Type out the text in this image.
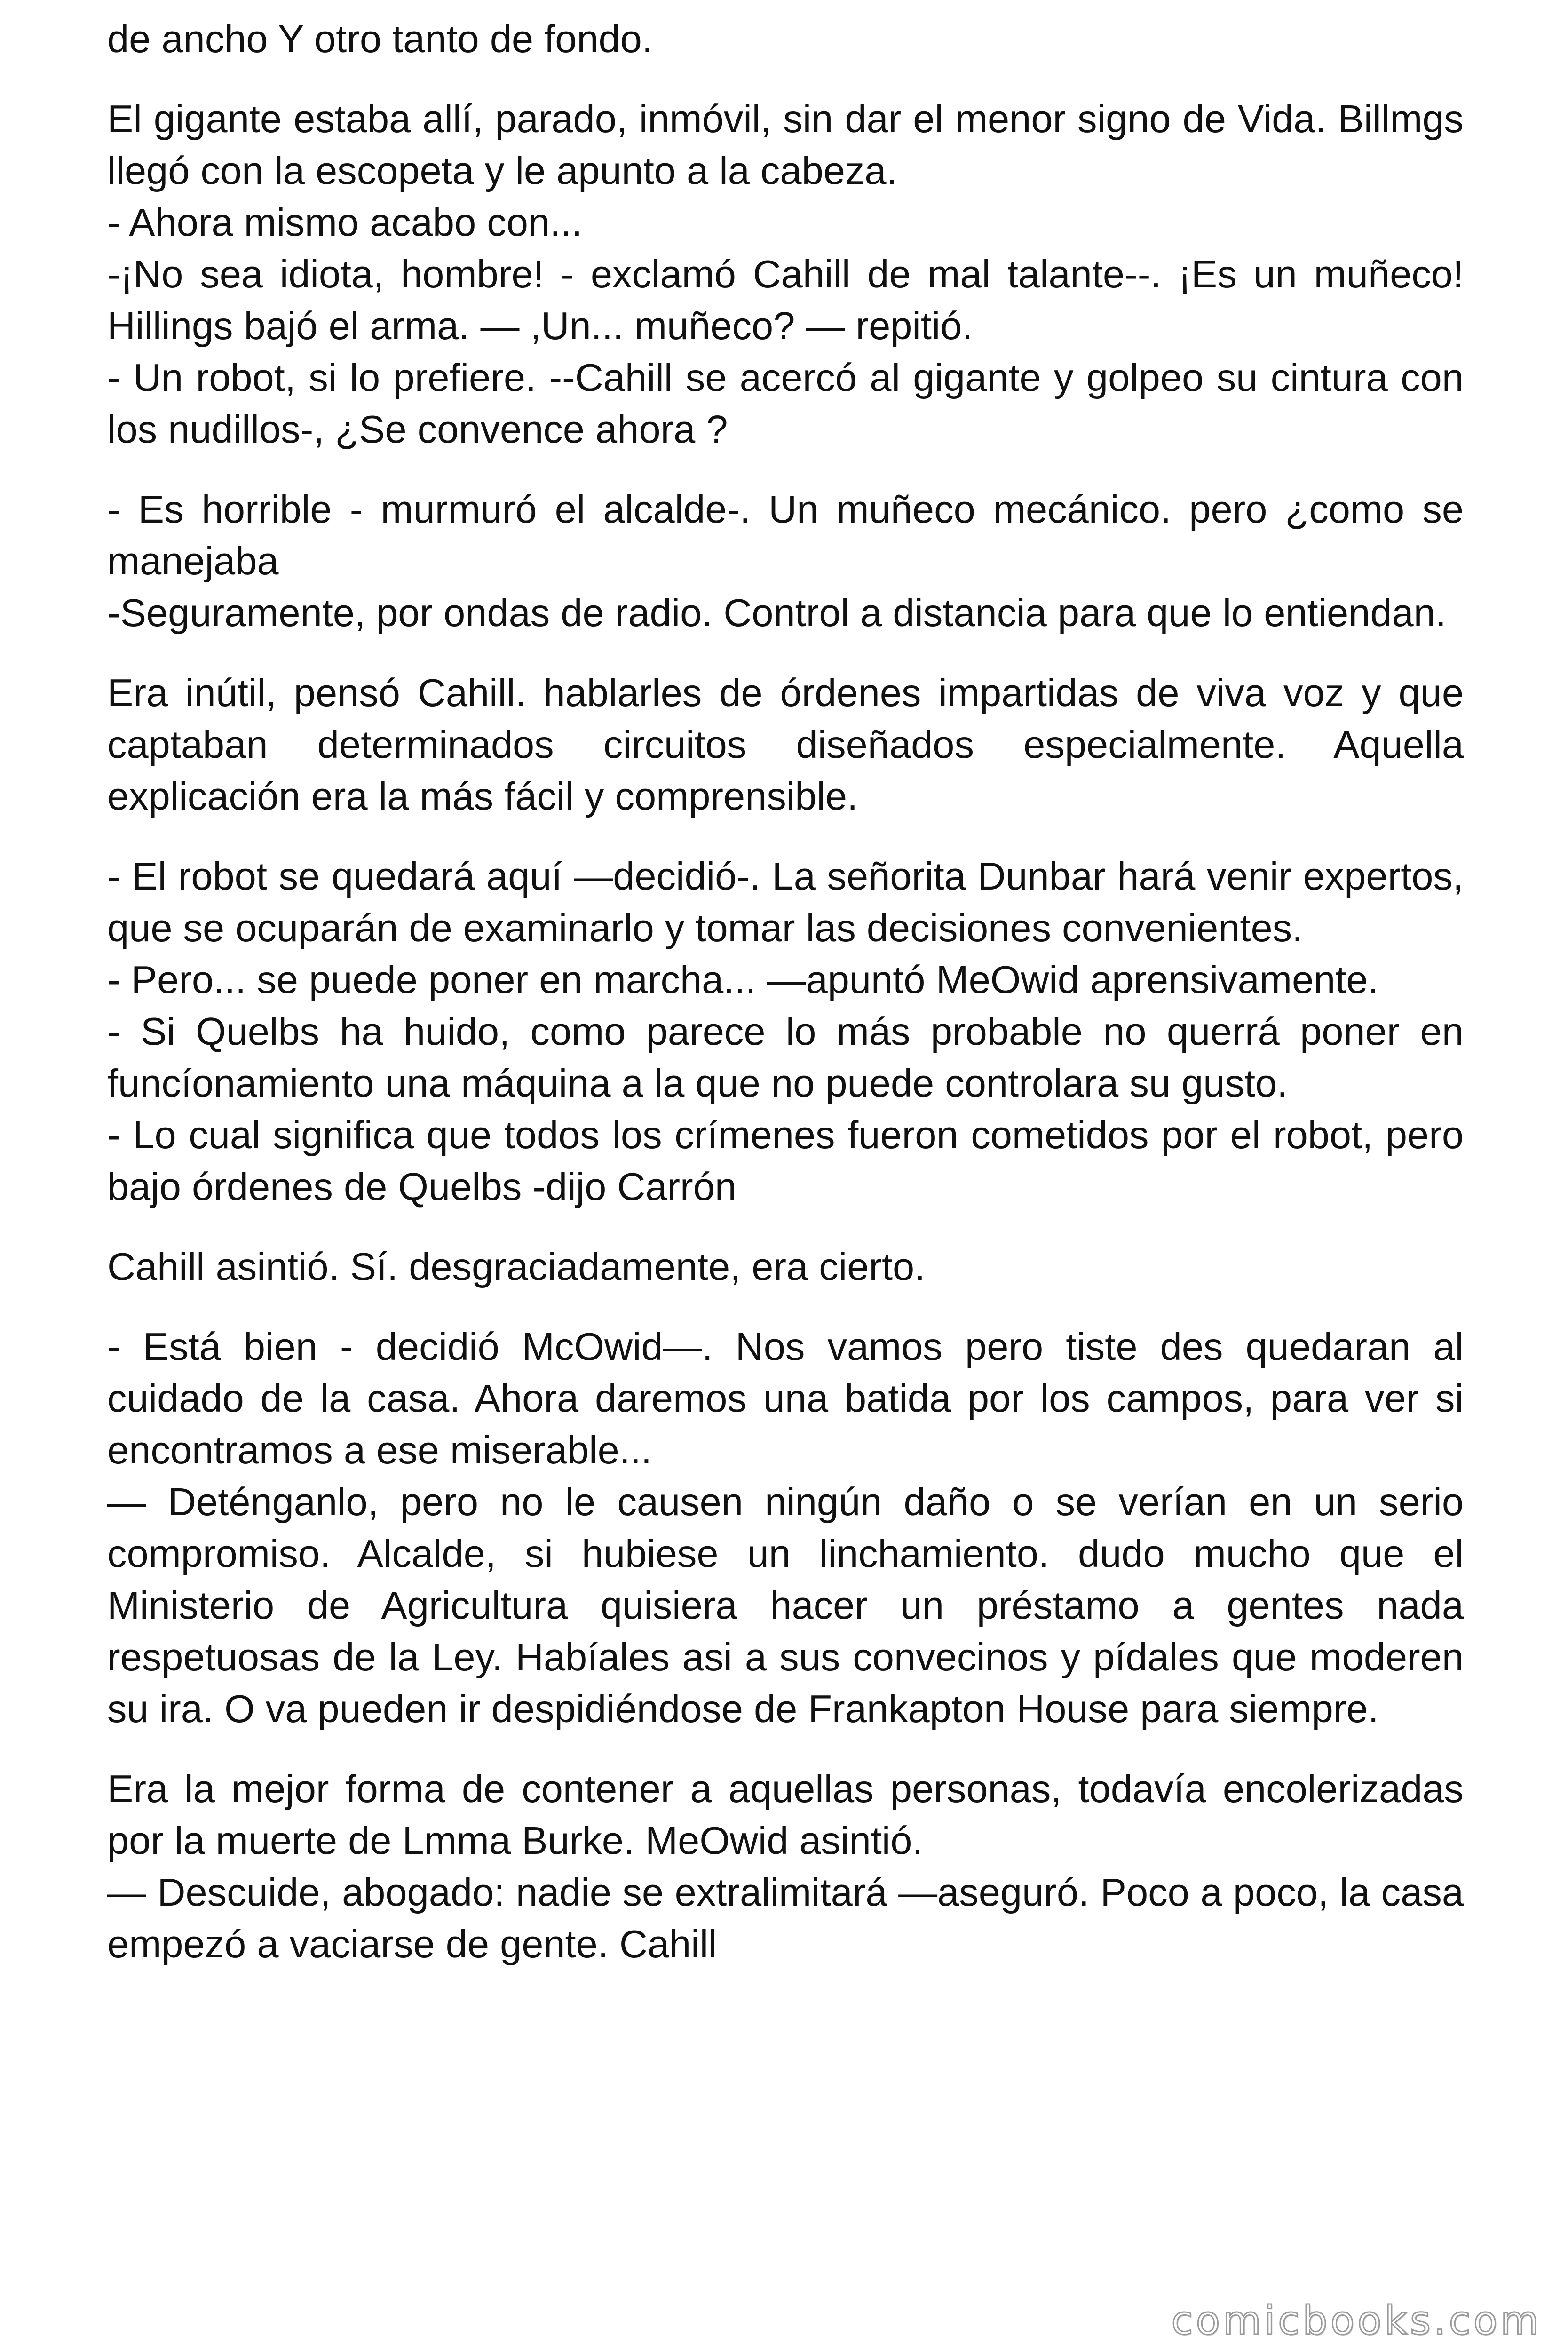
de ancho Y otro tanto de fondo.
El gigante estaba allí, parado, inmóvil, sin dar el menor signo de Vida. Billmgs llegó con la escopeta y le apunto a la cabeza.
- Ahora mismo acabo con...
-¡No sea idiota, hombre! - exclamó Cahill de mal talante--. ¡Es un muñeco! Hillings bajó el arma. — ,Un... muñeco? — repitió.
- Un robot, si lo prefiere. --Cahill se acercó al gigante y golpeo su cintura con los nudillos-, ¿Se convence ahora ?
- Es horrible - murmuró el alcalde-. Un muñeco mecánico. pero ¿como se manejaba
-Seguramente, por ondas de radio. Control a distancia para que lo entiendan.
Era inútil, pensó Cahill. hablarles de órdenes impartidas de viva voz y que captaban determinados circuitos diseñados especialmente. Aquella explicación era la más fácil y comprensible.
- El robot se quedará aquí —decidió-. La señorita Dunbar hará venir expertos, que se ocuparán de examinarlo y tomar las decisiones convenientes.
- Pero... se puede poner en marcha... —apuntó MeOwid aprensivamente.
- Si Quelbs ha huido, como parece lo más probable no querrá poner en funcíonamiento una máquina a la que no puede controlara su gusto.
- Lo cual significa que todos los crímenes fueron cometidos por el robot, pero bajo órdenes de Quelbs -dijo Carrón
Cahill asintió. Sí. desgraciadamente, era cierto.
- Está bien - decidió McOwid—. Nos vamos pero tiste des quedaran al cuidado de la casa. Ahora daremos una batida por los campos, para ver si encontramos a ese miserable...
— Deténganlo, pero no le causen ningún daño o se verían en un serio compromiso. Alcalde, si hubiese un linchamiento. dudo mucho que el Ministerio de Agricultura quisiera hacer un préstamo a gentes nada respetuosas de la Ley. Habíales asi a sus convecinos y pídales que moderen su ira. O va pueden ir despidiéndose de Frankapton House para siempre.
Era la mejor forma de contener a aquellas personas, todavía encolerizadas por la muerte de Lmma Burke. MeOwid asintió.
— Descuide, abogado: nadie se extralimitará —aseguró. Poco a poco, la casa empezó a vaciarse de gente. Cahill
comicbooks.com
